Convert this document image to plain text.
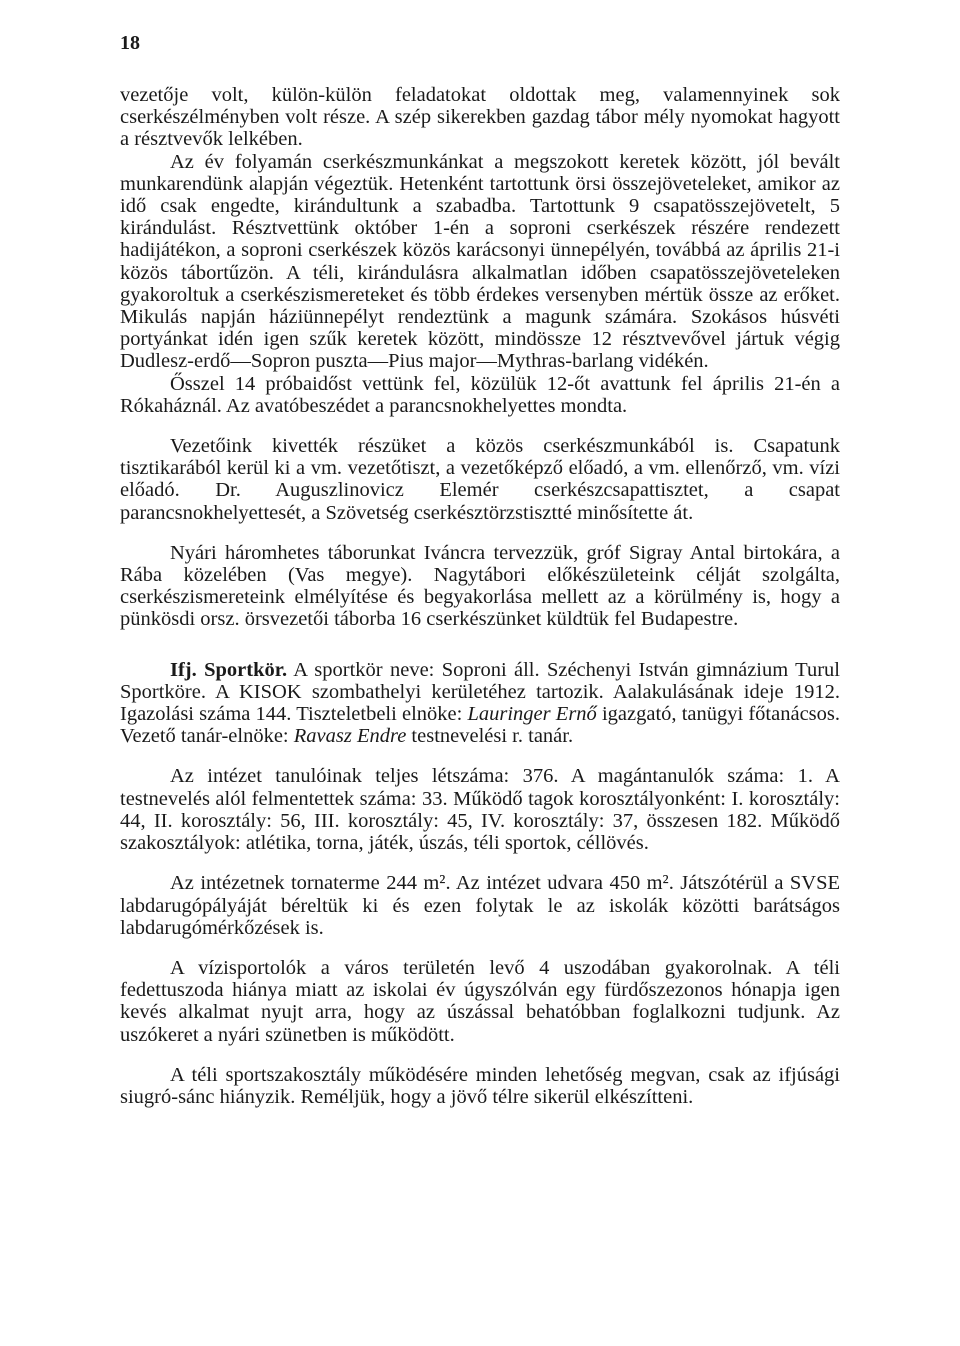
18

vezetője volt, külön-külön feladatokat oldottak meg, valamennyinek sok cserkészélményben volt része. A szép sikerekben gazdag tábor mély nyomokat hagyott a résztvevők lelkében.

Az év folyamán cserkészmunkánkat a megszokott keretek között, jól bevált munkarendünk alapján végeztük. Hetenként tartottunk örsi összejöveteleket, amikor az idő csak engedte, kirándultunk a szabadba. Tartottunk 9 csapatösszejövetelt, 5 kirándulást. Résztvettünk október 1-én a soproni cserkészek részére rendezett hadijátékon, a soproni cserkészek közös karácsonyi ünnepélyén, továbbá az április 21-i közös tábortűzön. A téli, kirándulásra alkalmatlan időben csapatösszejöveteleken gyakoroltuk a cserkészismereteket és több érdekes versenyben mértük össze az erőket. Mikulás napján háziünnepélyt rendeztünk a magunk számára. Szokásos húsvéti portyánkat idén igen szűk keretek között, mindössze 12 résztvevővel jártuk végig Dudlesz-erdő—Sopron puszta—Pius major—Mythras-barlang vidékén.

Ősszel 14 próbaidőst vettünk fel, közülük 12-őt avattunk fel április 21-én a Rókaháznál. Az avatóbeszédet a parancsnokhelyettes mondta.

Vezetőink kivették részüket a közös cserkészmunkából is. Csapatunk tisztikarából kerül ki a vm. vezetőtiszt, a vezetőképző előadó, a vm. ellenőrző, vm. vízi előadó. Dr. Auguszlinovicz Elemér cserkészcsapattisztet, a csapat parancsnokhelyettesét, a Szövetség cserkésztörzstisztté minősítette át.

Nyári háromhetes táborunkat Iváncra tervezzük, gróf Sigray Antal birtokára, a Rába közelében (Vas megye). Nagytábori előkészületeink célját szolgálta, cserkészismereteink elmélyítése és begyakorlása mellett az a körülmény is, hogy a pünkösdi orsz. örsvezetői táborba 16 cserkészünket küldtük fel Budapestre.

Ifj. Sportkör. A sportkör neve: Soproni áll. Széchenyi István gimnázium Turul Sportköre. A KISOK szombathelyi kerületéhez tartozik. Aalakulásának ideje 1912. Igazolási száma 144. Tiszteletbeli elnöke: Lauringer Ernő igazgató, tanügyi főtanácsos. Vezető tanár-elnöke: Ravasz Endre testnevelési r. tanár.

Az intézet tanulóinak teljes létszáma: 376. A magántanulók száma: 1. A testnevelés alól felmentettek száma: 33. Működő tagok korosztályonként: I. korosztály: 44, II. korosztály: 56, III. korosztály: 45, IV. korosztály: 37, összesen 182. Működő szakosztályok: atlétika, torna, játék, úszás, téli sportok, céllövés.

Az intézetnek tornaterme 244 m². Az intézet udvara 450 m². Játszótérül a SVSE labdarugópályáját béreltük ki és ezen folytak le az iskolák közötti barátságos labdarugómérkőzések is.

A vízisportolók a város területén levő 4 uszodában gyakorolnak. A téli fedettuszoda hiánya miatt az iskolai év úgyszólván egy fürdőszezonos hónapja igen kevés alkalmat nyujt arra, hogy az úszással behatóbban foglalkozni tudjunk. Az uszókeret a nyári szünetben is működött.

A téli sportszakosztály működésére minden lehetőség megvan, csak az ifjúsági siugró-sánc hiányzik. Reméljük, hogy a jövő télre sikerül elkészítteni.
